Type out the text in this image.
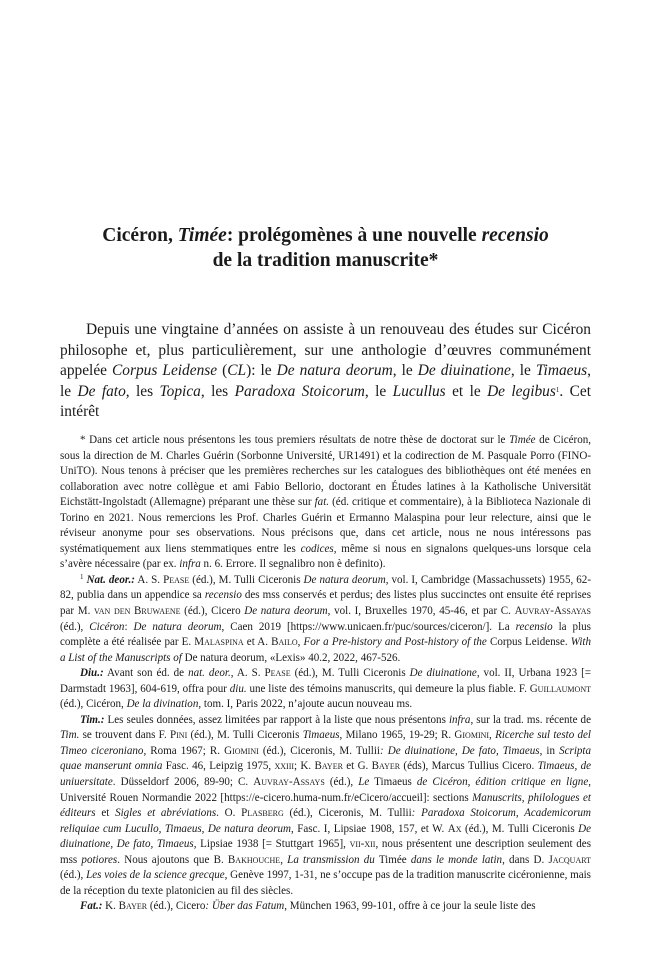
Cicéron, Timée: prolégomènes à une nouvelle recensio
de la tradition manuscrite*

Depuis une vingtaine d’années on assiste à un renouveau des études sur Cicéron philosophe et, plus particulièrement, sur une anthologie d’œuvres communément appelée Corpus Leidense (CL): le De natura deorum, le De diuinatione, le Timaeus, le De fato, les Topica, les Paradoxa Stoicorum, le Lucullus et le De legibus$^1$. Cet intérêt

* Dans cet article nous présentons les tous premiers résultats de notre thèse de doctorat sur le Timée de Cicéron, sous la direction de M. Charles Guérin (Sorbonne Université, UR1491) et la codirection de M. Pasquale Porro (FINO-UniTO). Nous tenons à préciser que les premières recherches sur les catalogues des bibliothèques ont été menées en collaboration avec notre collègue et ami Fabio Bellorio, doctorant en Études latines à la Katholische Universität Eichstätt-Ingolstadt (Allemagne) préparant une thèse sur fat. (éd. critique et commentaire), à la Biblioteca Nazionale di Torino en 2021. Nous remercions les Prof. Charles Guérin et Ermanno Malaspina pour leur relecture, ainsi que le réviseur anonyme pour ses observations. Nous précisons que, dans cet article, nous ne nous intéressons pas systématiquement aux liens stemmatiques entre les codices, même si nous en signalons quelques-uns lorsque cela s’avère nécessaire (par ex. infra n. 6. Errore. Il segnalibro non è definito).

$^1$ Nat. deor.: A. S. Pease (éd.), M. Tulli Ciceronis De natura deorum, vol. I, Cambridge (Massachussets) 1955, 62-82, publia dans un appendice sa recensio des mss conservés et perdus; des listes plus succinctes ont ensuite été reprises par M. van den Bruwaene (éd.), Cicero De natura deorum, vol. I, Bruxelles 1970, 45-46, et par C. Auvray-Assayas (éd.), Cicéron: De natura deorum, Caen 2019 [https://www.unicaen.fr/puc/sources/ciceron/]. La recensio la plus complète a été réalisée par E. Malaspina et A. Bailo, For a Pre-history and Post-history of the Corpus Leidense. With a List of the Manuscripts of De natura deorum, «Lexis» 40.2, 2022, 467-526.

Diu.: Avant son éd. de nat. deor., A. S. Pease (éd.), M. Tulli Ciceronis De diuinatione, vol. II, Urbana 1923 [= Darmstadt 1963], 604-619, offra pour diu. une liste des témoins manuscrits, qui demeure la plus fiable. F. Guillaumont (éd.), Cicéron, De la divination, tom. I, Paris 2022, n’ajoute aucun nouveau ms.

Tim.: Les seules données, assez limitées par rapport à la liste que nous présentons infra, sur la trad. ms. récente de Tim. se trouvent dans F. Pini (éd.), M. Tulli Ciceronis Timaeus, Milano 1965, 19-29; R. Giomini, Ricerche sul testo del Timeo ciceroniano, Roma 1967; R. Giomini (éd.), Ciceronis, M. Tullii: De diuinatione, De fato, Timaeus, in Scripta quae manserunt omnia Fasc. 46, Leipzig 1975, xxiii; K. Bayer et G. Bayer (éds), Marcus Tullius Cicero. Timaeus, de uniuersitate. Düsseldorf 2006, 89-90; C. Auvray-Assays (éd.), Le Timaeus de Cicéron, édition critique en ligne, Université Rouen Normandie 2022 [https://e-cicero.huma-num.fr/eCicero/accueil]: sections Manuscrits, philologues et éditeurs et Sigles et abréviations. O. Plasberg (éd.), Ciceronis, M. Tullii: Paradoxa Stoicorum, Academicorum reliquiae cum Lucullo, Timaeus, De natura deorum, Fasc. I, Lipsiae 1908, 157, et W. Ax (éd.), M. Tulli Ciceronis De diuinatione, De fato, Timaeus, Lipsiae 1938 [= Stuttgart 1965], vii-xii, nous présentent une description seulement des mss potiores. Nous ajoutons que B. Bakhouche, La transmission du Timée dans le monde latin, dans D. Jacquart (éd.), Les voies de la science grecque, Genève 1997, 1-31, ne s’occupe pas de la tradition manuscrite cicéronienne, mais de la réception du texte platonicien au fil des siècles.

Fat.: K. Bayer (éd.), Cicero: Über das Fatum, München 1963, 99-101, offre à ce jour la seule liste des
